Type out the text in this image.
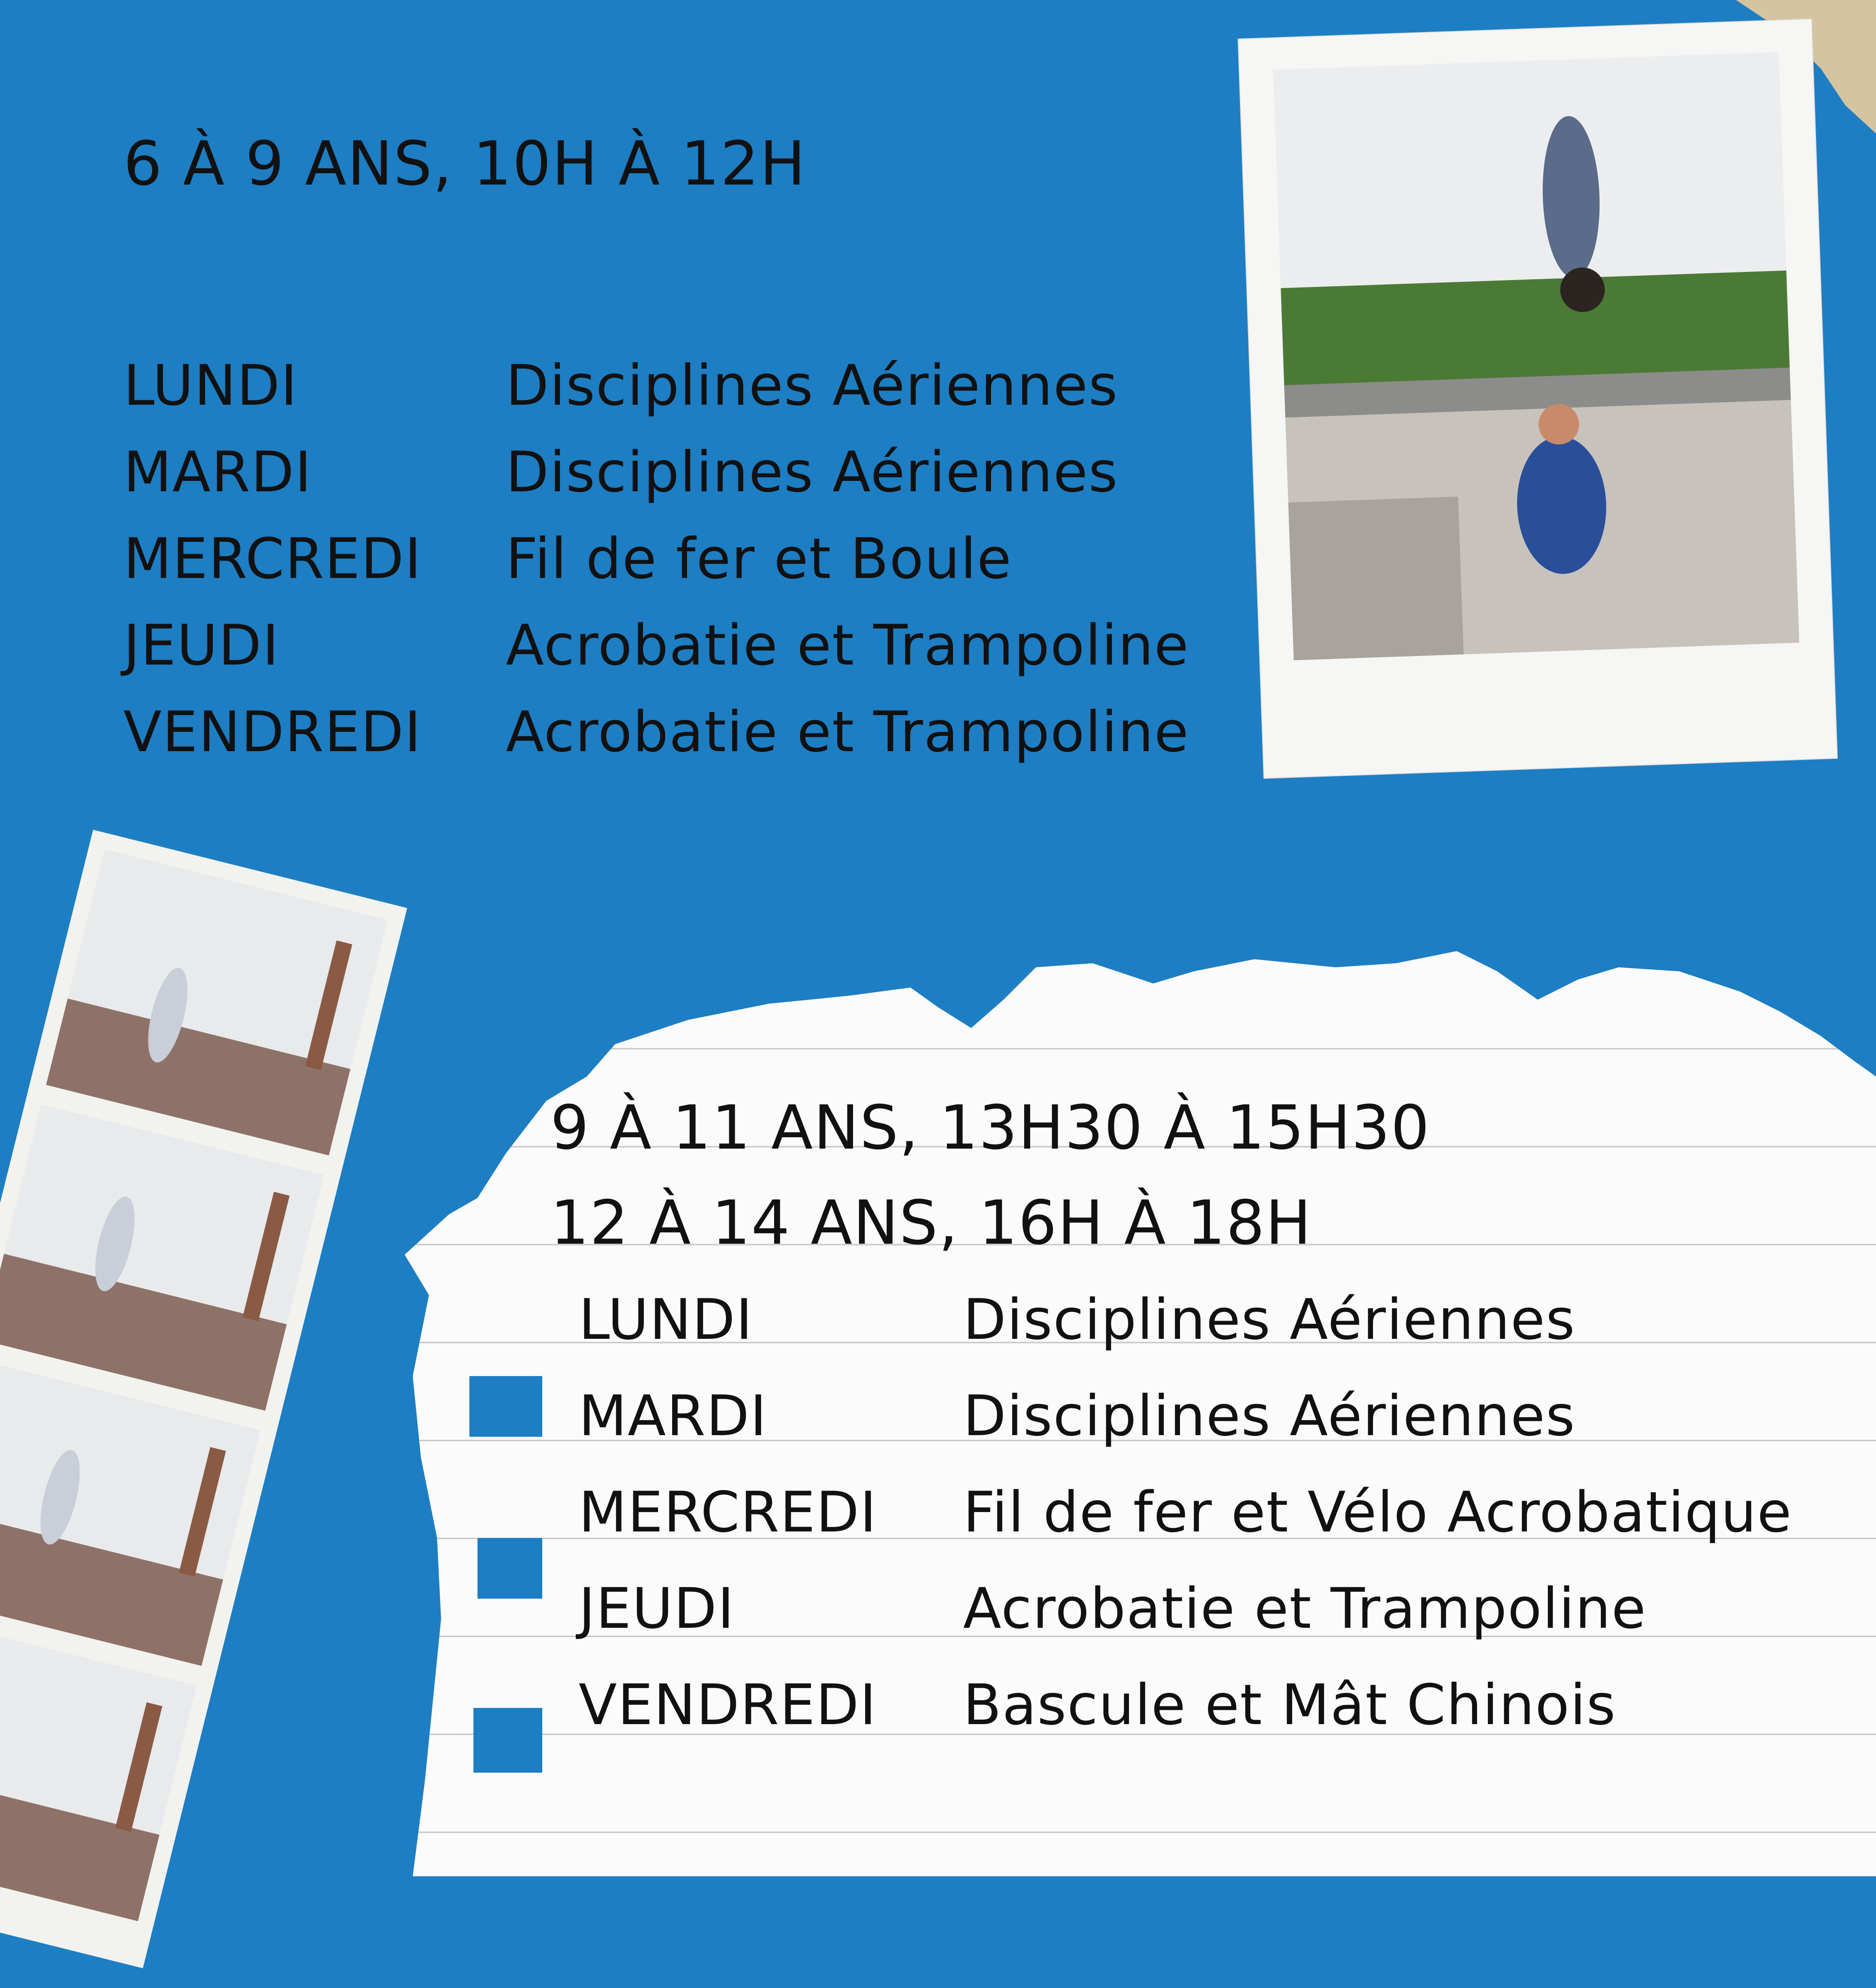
6 À 9 ANS, 10H À 12H
LUNDI	Disciplines Aériennes
MARDI	Disciplines Aériennes
MERCREDI Fil de fer et Boule
JEUDI	Acrobatie et Trampoline
VENDREDI Acrobatie et Trampoline
9 À 11 ANS, 13H30 À 15H30
12 À 14 ANS, 16H À 18H
LUNDI	Disciplines Aériennes
MARDI	Disciplines Aériennes
MERCREDI Fil de fer et Vélo Acrobatique
JEUDI	Acrobatie et Trampoline
VENDREDI Bascule et Mât Chinois
